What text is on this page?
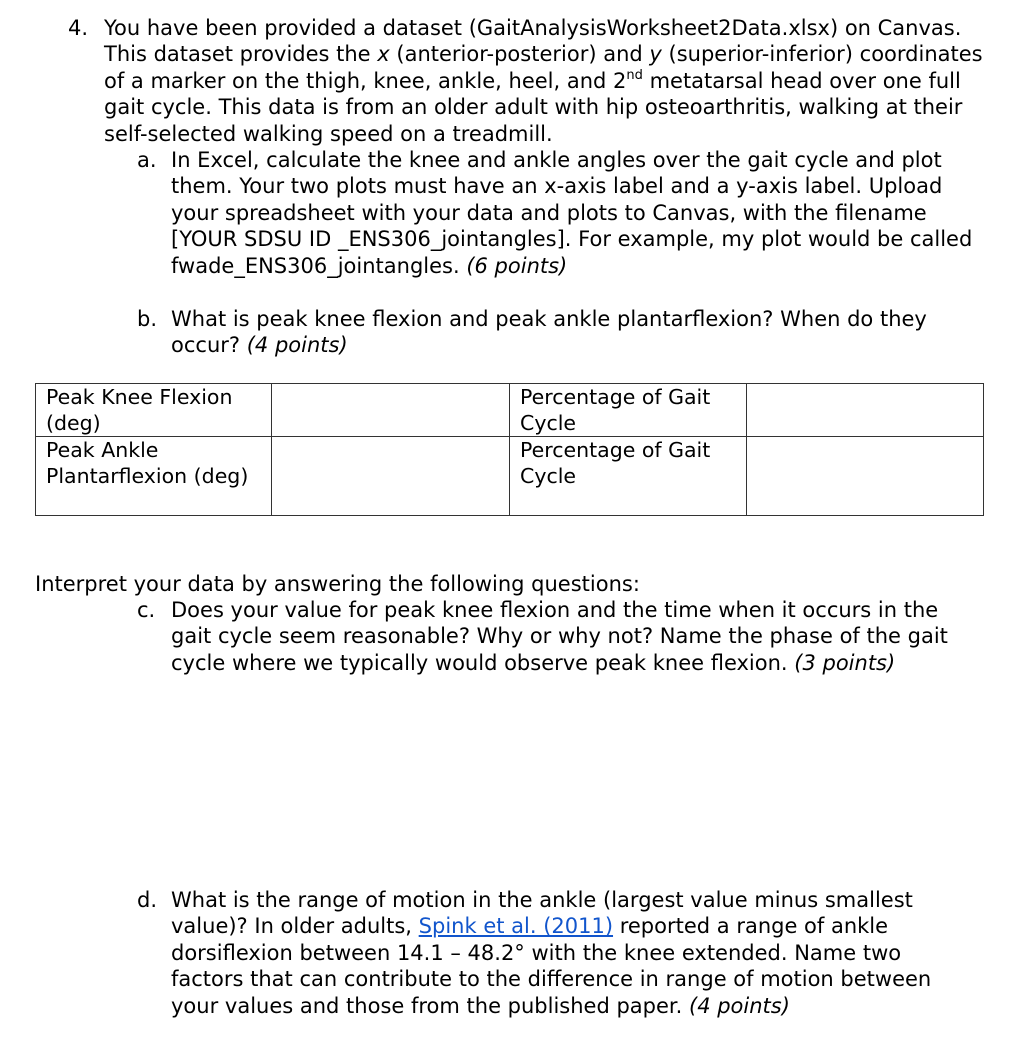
4. You have been provided a dataset (GaitAnalysisWorksheet2Data.xlsx) on Canvas. This dataset provides the x (anterior-posterior) and y (superior-inferior) coordinates of a marker on the thigh, knee, ankle, heel, and 2nd metatarsal head over one full gait cycle. This data is from an older adult with hip osteoarthritis, walking at their self-selected walking speed on a treadmill.
a. In Excel, calculate the knee and ankle angles over the gait cycle and plot them. Your two plots must have an x-axis label and a y-axis label. Upload your spreadsheet with your data and plots to Canvas, with the filename [YOUR SDSU ID _ENS306_jointangles]. For example, my plot would be called fwade_ENS306_jointangles. (6 points)
b. What is peak knee flexion and peak ankle plantarflexion? When do they occur? (4 points)
Peak Knee Flexion (deg)		Percentage of Gait Cycle	
Peak Ankle Plantarflexion (deg)		Percentage of Gait Cycle	
Interpret your data by answering the following questions:
c. Does your value for peak knee flexion and the time when it occurs in the gait cycle seem reasonable? Why or why not? Name the phase of the gait cycle where we typically would observe peak knee flexion. (3 points)
d. What is the range of motion in the ankle (largest value minus smallest value)? In older adults, Spink et al. (2011) reported a range of ankle dorsiflexion between 14.1 – 48.2° with the knee extended. Name two factors that can contribute to the difference in range of motion between your values and those from the published paper. (4 points)
